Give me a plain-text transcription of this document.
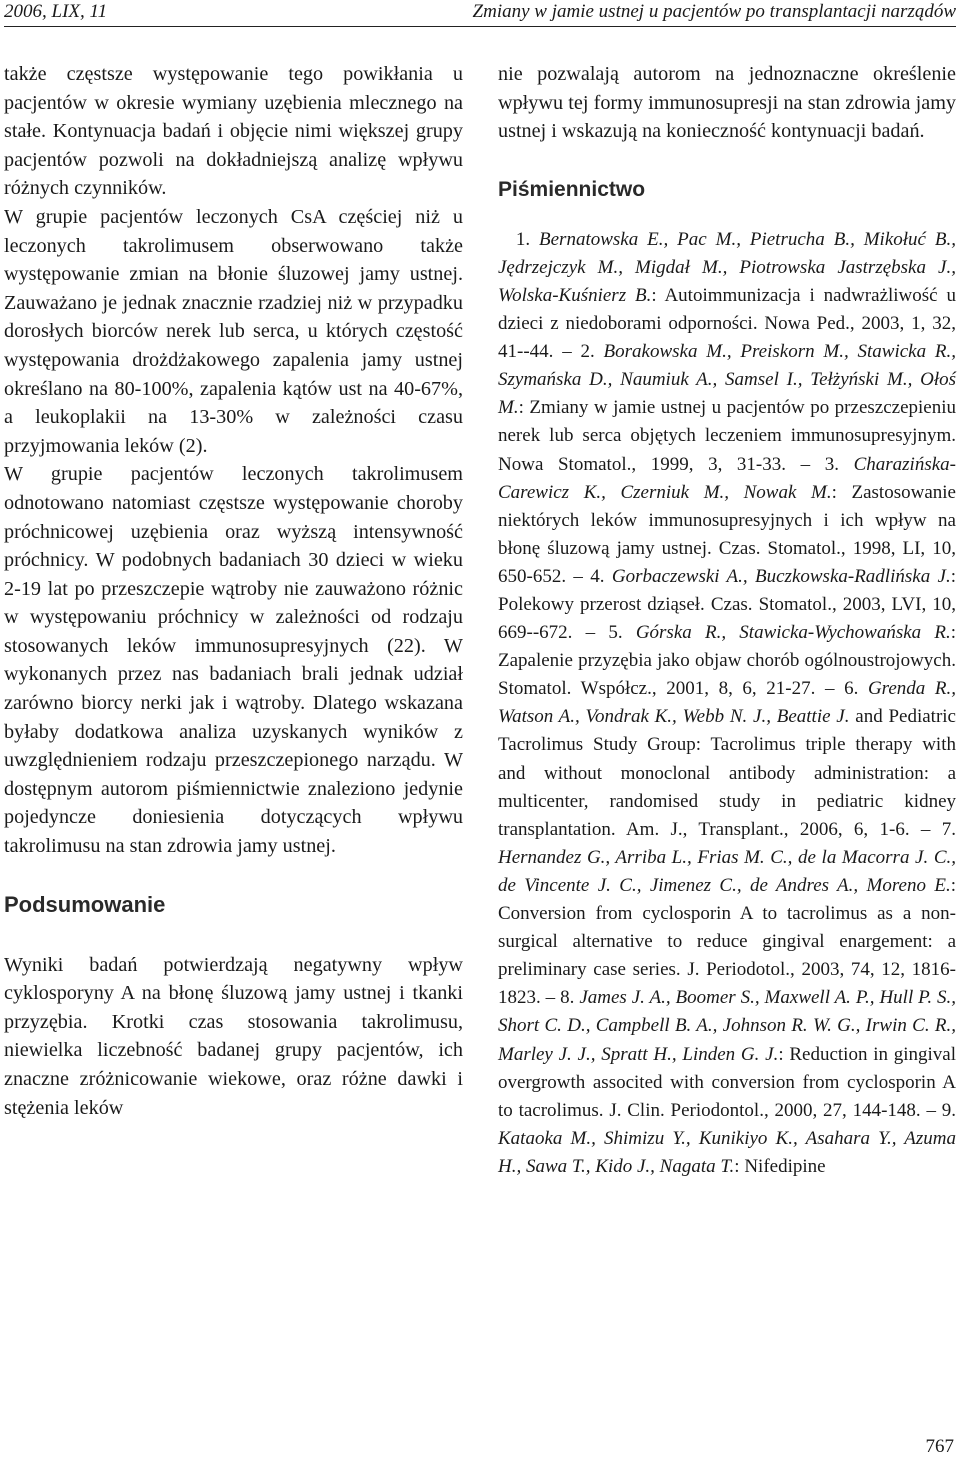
2006, LIX, 11	Zmiany w jamie ustnej u pacjentów po transplantacji narządów

także częstsze występowanie tego powikłania u pacjentów w okresie wymiany uzębienia mlecznego na stałe. Kontynuacja badań i objęcie nimi większej grupy pacjentów pozwoli na dokładniejszą analizę wpływu różnych czynników.

W grupie pacjentów leczonych CsA częściej niż u leczonych takrolimusem obserwowano także występowanie zmian na błonie śluzowej jamy ustnej. Zauważano je jednak znacznie rzadziej niż w przypadku dorosłych biorców nerek lub serca, u których częstość występowania drożdżakowego zapalenia jamy ustnej określano na 80-100%, zapalenia kątów ust na 40-67%, a leukoplakii na 13-30% w zależności czasu przyjmowania leków (2).

W grupie pacjentów leczonych takrolimusem odnotowano natomiast częstsze występowanie choroby próchnicowej uzębienia oraz wyższą intensywność próchnicy. W podobnych badaniach 30 dzieci w wieku 2-19 lat po przeszczepie wątroby nie zauważono różnic w występowaniu próchnicy w zależności od rodzaju stosowanych leków immunosupresyjnych (22). W wykonanych przez nas badaniach brali jednak udział zarówno biorcy nerki jak i wątroby. Dlatego wskazana byłaby dodatkowa analiza uzyskanych wyników z uwzględnieniem rodzaju przeszczepionego narządu. W dostępnym autorom piśmiennictwie znaleziono jedynie pojedyncze doniesienia dotyczących wpływu takrolimusu na stan zdrowia jamy ustnej.

Podsumowanie

Wyniki badań potwierdzają negatywny wpływ cyklosporyny A na błonę śluzową jamy ustnej i tkanki przyzębia. Krotki czas stosowania takrolimusu, niewielka liczebność badanej grupy pacjentów, ich znaczne zróżnicowanie wiekowe, oraz różne dawki i stężenia leków

nie pozwalają autorom na jednoznaczne określenie wpływu tej formy immunosupresji na stan zdrowia jamy ustnej i wskazują na konieczność kontynuacji badań.

Piśmiennictwo
1. Bernatowska E., Pac M., Pietrucha B., Mikołuć B., Jędrzejczyk M., Migdał M., Piotrowska Jastrzębska J., Wolska-Kuśnierz B.: Autoimmunizacja i nadwrażliwość u dzieci z niedoborami odporności. Nowa Ped., 2003, 1, 32, 41--44. – 2. Borakowska M., Preiskorn M., Stawicka R., Szymańska D., Naumiuk A., Samsel I., Tełżyński M., Ołoś M.: Zmiany w jamie ustnej u pacjentów po przeszczepieniu nerek lub serca objętych leczeniem immunosupresyjnym. Nowa Stomatol., 1999, 3, 31-33. – 3. Charazińska-Carewicz K., Czerniuk M., Nowak M.: Zastosowanie niektórych leków immunosupresyjnych i ich wpływ na błonę śluzową jamy ustnej. Czas. Stomatol., 1998, LI, 10, 650-652. – 4. Gorbaczewski A., Buczkowska-Radlińska J.: Polekowy przerost dziąseł. Czas. Stomatol., 2003, LVI, 10, 669--672. – 5. Górska R., Stawicka-Wychowańska R.: Zapalenie przyzębia jako objaw chorób ogólnoustrojowych. Stomatol. Współcz., 2001, 8, 6, 21-27. – 6. Grenda R., Watson A., Vondrak K., Webb N. J., Beattie J. and Pediatric Tacrolimus Study Group: Tacrolimus triple therapy with and without monoclonal antibody administration: a multicenter, randomised study in pediatric kidney transplantation. Am. J., Transplant., 2006, 6, 1-6. – 7. Hernandez G., Arriba L., Frias M. C., de la Macorra J. C., de Vincente J. C., Jimenez C., de Andres A., Moreno E.: Conversion from cyclosporin A to tacrolimus as a non-surgical alternative to reduce gingival enargement: a preliminary case series. J. Periodotol., 2003, 74, 12, 1816-1823. – 8. James J. A., Boomer S., Maxwell A. P., Hull P. S., Short C. D., Campbell B. A., Johnson R. W. G., Irwin C. R., Marley J. J., Spratt H., Linden G. J.: Reduction in gingival overgrowth associted with conversion from cyclosporin A to tacrolimus. J. Clin. Periodontol., 2000, 27, 144-148. – 9. Kataoka M., Shimizu Y., Kunikiyo K., Asahara Y., Azuma H., Sawa T., Kido J., Nagata T.: Nifedipine
767
